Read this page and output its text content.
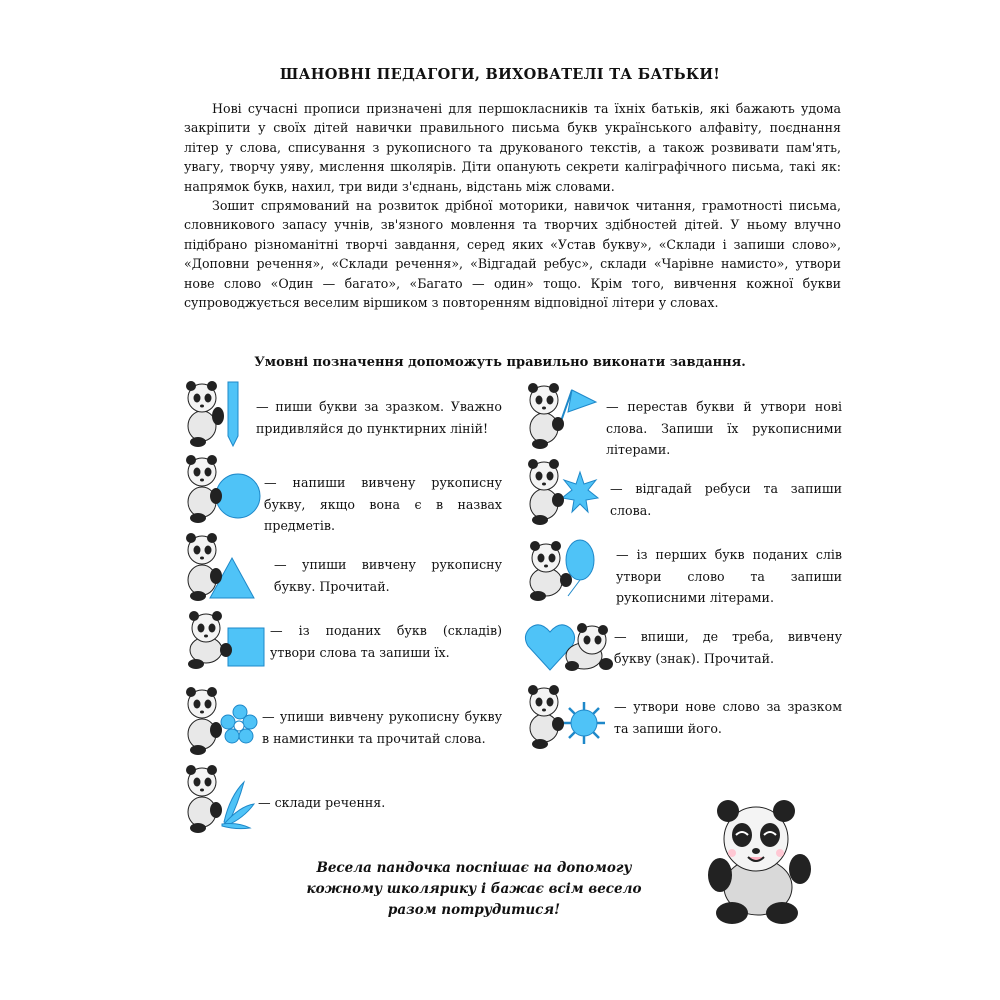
ШАНОВНІ ПЕДАГОГИ, ВИХОВАТЕЛІ ТА БАТЬКИ!

Нові сучасні прописи призначені для першокласників та їхніх батьків, які бажають удома закріпити у своїх дітей навички правильного письма букв українського алфавіту, поєднання літер у слова, списування з рукописного та друкованого текстів, а також розвивати пам'ять, увагу, творчу уяву, мислення школярів. Діти опанують секрети каліграфічного письма, такі як: напрямок букв, нахил, три види з'єднань, відстань між словами.

Зошит спрямований на розвиток дрібної моторики, навичок читання, грамотності письма, словникового запасу учнів, зв'язного мовлення та творчих здібностей дітей. У ньому влучно підібрано різноманітні творчі завдання, серед яких «Устав букву», «Склади і запиши слово», «Доповни речення», «Склади речення», «Відгадай ребус», склади «Чарівне намисто», утвори нове слово «Один — багато», «Багато — один» тощо. Крім того, вивчення кожної букви супроводжується веселим віршиком з повторенням відповідної літери у словах.

Умовні позначення допоможуть правильно виконати завдання.
— пиши букви за зразком. Уважно придивляйся до пунктирних ліній!
— напиши вивчену рукописну букву, якщо вона є в назвах предметів.
— упиши вивчену рукописну букву. Прочитай.
— із поданих букв (складів) утвори слова та запиши їх.
— упиши вивчену рукописну букву в намистинки та прочитай слова.
— склади речення.
— перестав букви й утвори нові слова. Запиши їх рукописними літерами.
— відгадай ребуси та запиши слова.
— із перших букв поданих слів утвори слово та запиши рукописними літерами.
— впиши, де треба, вивчену букву (знак). Прочитай.
— утвори нове слово за зразком та запиши його.
Весела пандочка поспішає на допомогу кожному школярику і бажає всім весело разом потрудитися!
